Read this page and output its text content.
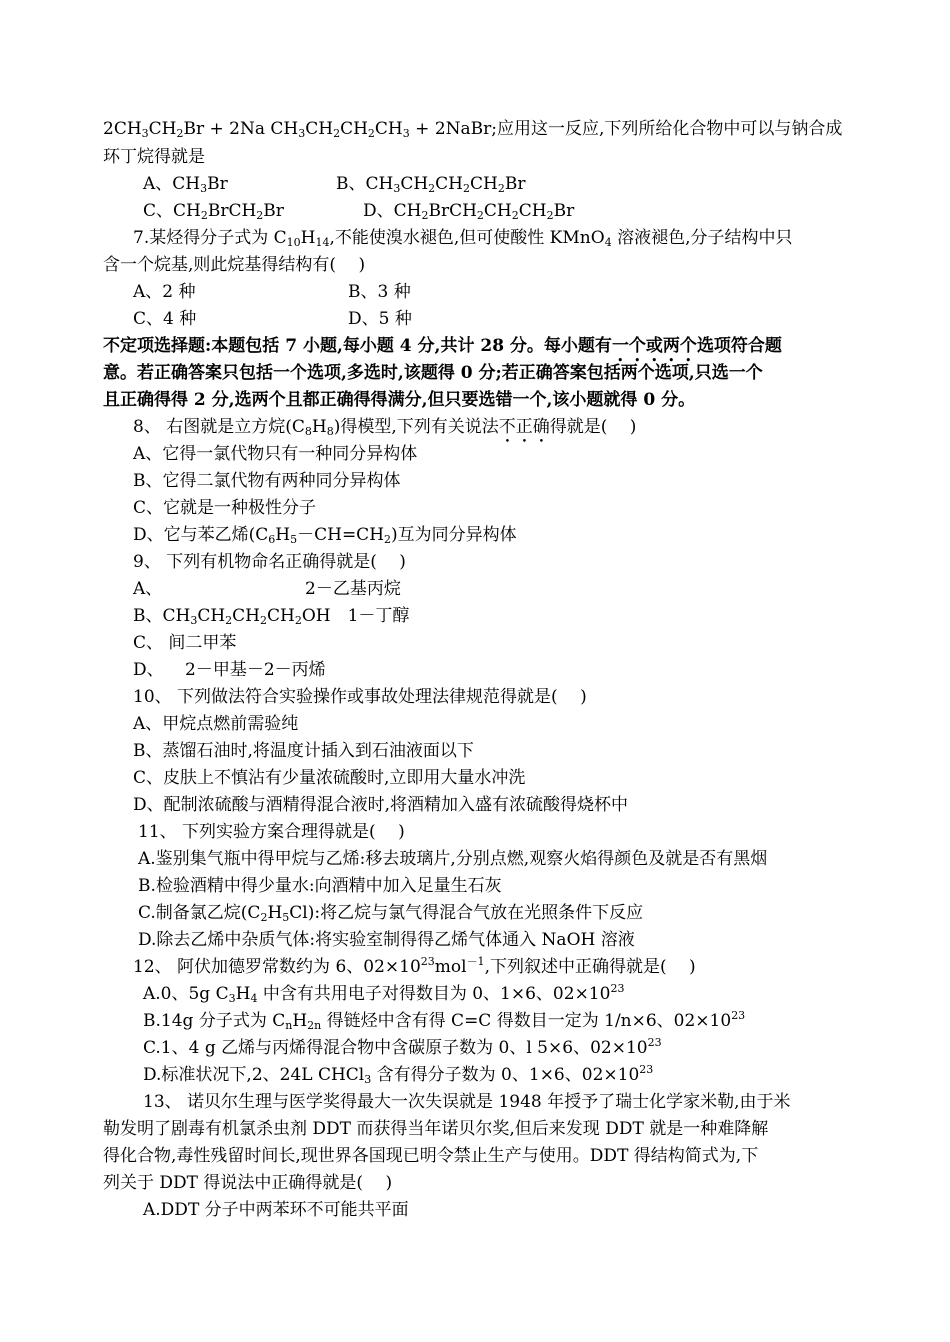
$2CH_3CH_2Br + 2Na$ $CH_3CH_2CH_2CH_3$ + 2NaBr;应用这一反应,下列所给化合物中可以与钠合成
环丁烷得就是
A、$CH_3Br$	B、$CH_3CH_2CH_2CH_2Br$
C、$CH_2BrCH_2Br$	D、$CH_2BrCH_2CH_2CH_2Br$
7.某烃得分子式为 $C_{10}H_{14}$,不能使溴水褪色,但可使酸性 KMnO$_4$ 溶液褪色,分子结构中只
含一个烷基,则此烷基得结构有(　 )
A、2 种	B、3 种
C、4 种	D、5 种
不定项选择题:本题包括 7 小题,每小题 4 分,共计 28 分。每小题有一个或两个选项符合题
意。若正确答案只包括一个选项,多选时,该题得 0 分;若正确答案包括两个选项,只选一个
且正确得得 2 分,选两个且都正确得得满分,但只要选错一个,该小题就得 0 分。
8、 右图就是立方烷$(C_8H_8)$得模型,下列有关说法不正确得就是(　 )
A、它得一氯代物只有一种同分异构体
B、它得二氯代物有两种同分异构体
C、它就是一种极性分子
D、它与苯乙烯$(C_6H_5-CH=CH_2)$互为同分异构体
9、 下列有机物命名正确得就是(　 )
A、	2－乙基丙烷
B、$CH_3CH_2CH_2CH_2OH$　1－丁醇
C、 间二甲苯
D、 2－甲基－2－丙烯
10、 下列做法符合实验操作或事故处理法律规范得就是(　 )
A、甲烷点燃前需验纯
B、蒸馏石油时,将温度计插入到石油液面以下
C、皮肤上不慎沾有少量浓硫酸时,立即用大量水冲洗
D、配制浓硫酸与酒精得混合液时,将酒精加入盛有浓硫酸得烧杯中
11、 下列实验方案合理得就是(　 )
A.鉴别集气瓶中得甲烷与乙烯:移去玻璃片,分别点燃,观察火焰得颜色及就是否有黑烟
B.检验酒精中得少量水:向酒精中加入足量生石灰
C.制备氯乙烷$(C_2H_5Cl)$:将乙烷与氯气得混合气放在光照条件下反应
D.除去乙烯中杂质气体:将实验室制得得乙烯气体通入 NaOH 溶液
12、 阿伏加德罗常数约为 6、$02\times 10^{23}mol^{-1}$,下列叙述中正确得就是(　 )
A.0、5g $C_3H_4$ 中含有共用电子对得数目为 0、1×6、$02\times 10^{23}$
B.14g 分子式为 $C_nH_{2n}$ 得链烃中含有得 C=C 得数目一定为 1/n×6、$02\times 10^{23}$
C.1、4 g 乙烯与丙烯得混合物中含碳原子数为 0、l 5×6、$02\times 10^{23}$
D.标准状况下,2、24L CHCl$_3$ 含有得分子数为 0、1×6、$02\times 10^{23}$
13、 诺贝尔生理与医学奖得最大一次失误就是 1948 年授予了瑞士化学家米勒,由于米
勒发明了剧毒有机氯杀虫剂 DDT 而获得当年诺贝尔奖,但后来发现 DDT 就是一种难降解
得化合物,毒性残留时间长,现世界各国现已明令禁止生产与使用。DDT 得结构简式为,下
列关于 DDT 得说法中正确得就是(　 )
A.DDT 分子中两苯环不可能共平面
